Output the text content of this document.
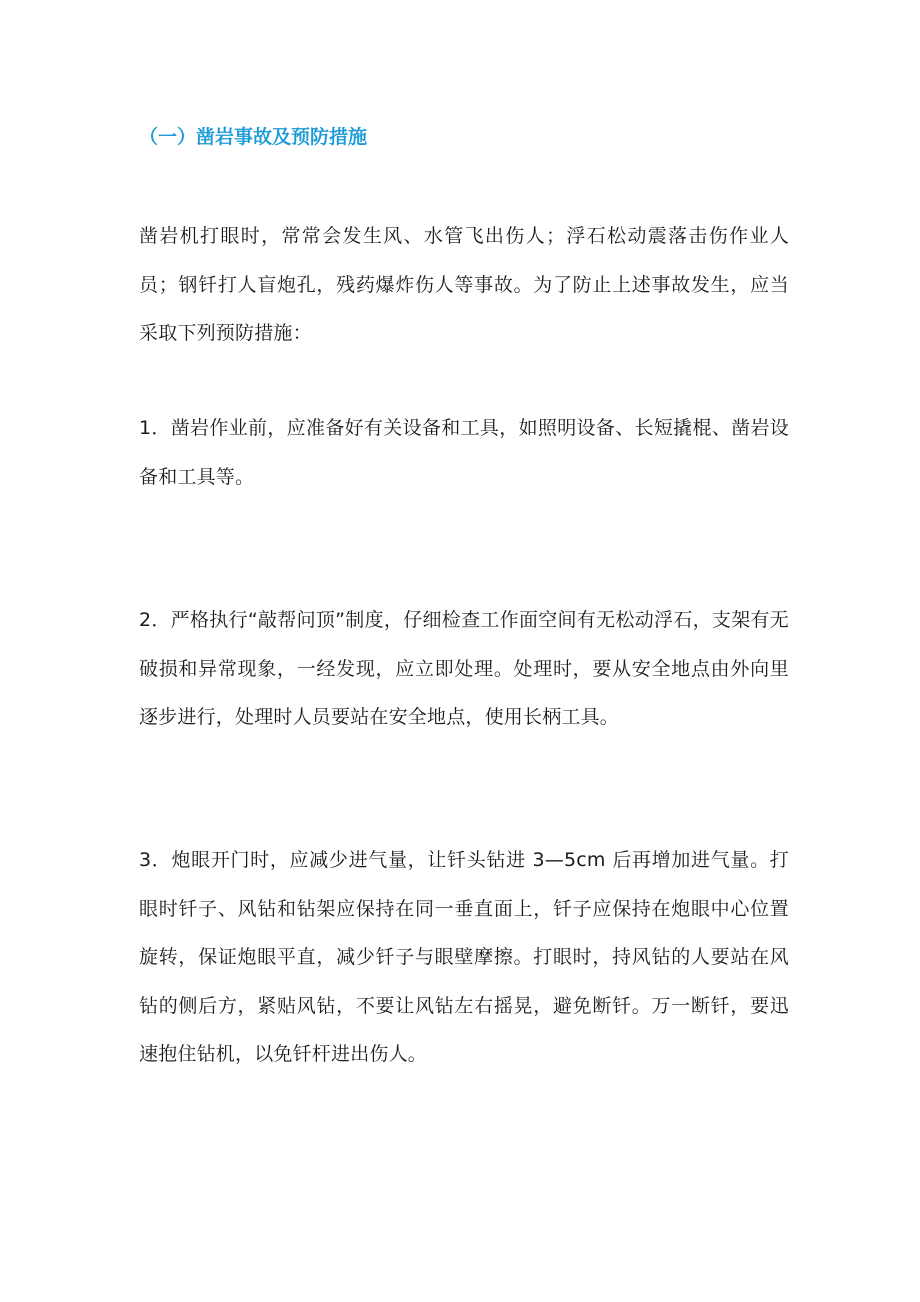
（一）凿岩事故及预防措施

凿岩机打眼时，常常会发生风、水管飞出伤人；浮石松动震落击伤作业人员；钢钎打人盲炮孔，残药爆炸伤人等事故。为了防止上述事故发生，应当采取下列预防措施：

1．凿岩作业前，应准备好有关设备和工具，如照明设备、长短撬棍、凿岩设备和工具等。

2．严格执行“敲帮问顶”制度，仔细检查工作面空间有无松动浮石，支架有无破损和异常现象，一经发现，应立即处理。处理时，要从安全地点由外向里逐步进行，处理时人员要站在安全地点，使用长柄工具。

3．炮眼开门时，应减少进气量，让钎头钻进 3—5cm 后再增加进气量。打眼时钎子、风钻和钻架应保持在同一垂直面上，钎子应保持在炮眼中心位置旋转，保证炮眼平直，减少钎子与眼壁摩擦。打眼时，持风钻的人要站在风钻的侧后方，紧贴风钻，不要让风钻左右摇晃，避免断钎。万一断钎，要迅速抱住钻机，以免钎杆进出伤人。
